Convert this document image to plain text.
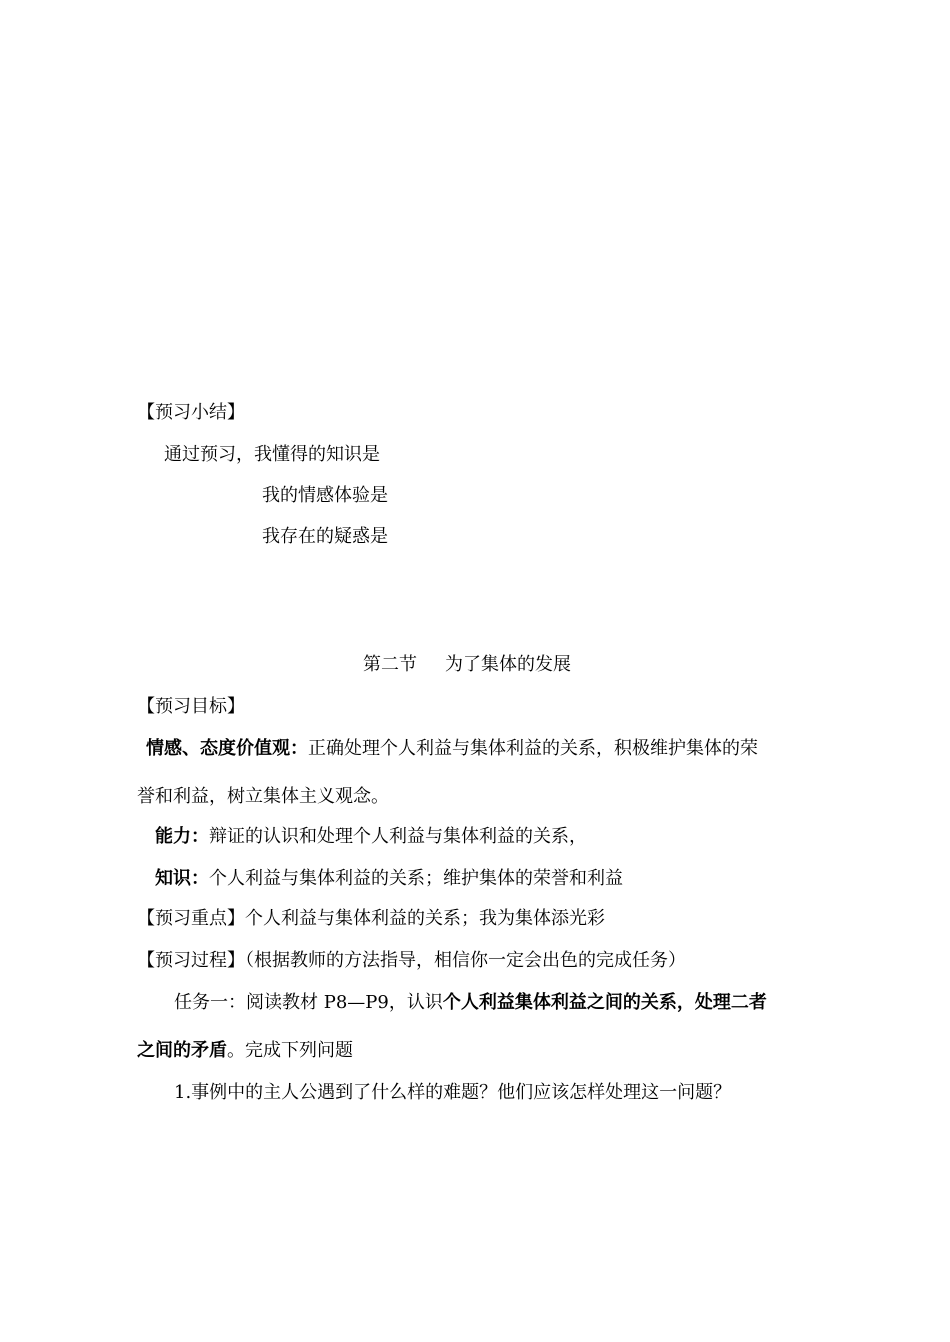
【预习小结】
通过预习，我懂得的知识是
我的情感体验是
我存在的疑惑是
第二节 为了集体的发展
【预习目标】
情感、态度价值观：正确处理个人利益与集体利益的关系，积极维护集体的荣
誉和利益，树立集体主义观念。
能力：辩证的认识和处理个人利益与集体利益的关系，
知识：个人利益与集体利益的关系；维护集体的荣誉和利益
【预习重点】个人利益与集体利益的关系；我为集体添光彩
【预习过程】（根据教师的方法指导，相信你一定会出色的完成任务）
任务一：阅读教材 P8—P9，认识个人利益集体利益之间的关系，处理二者
之间的矛盾。完成下列问题
1.事例中的主人公遇到了什么样的难题？他们应该怎样处理这一问题？
